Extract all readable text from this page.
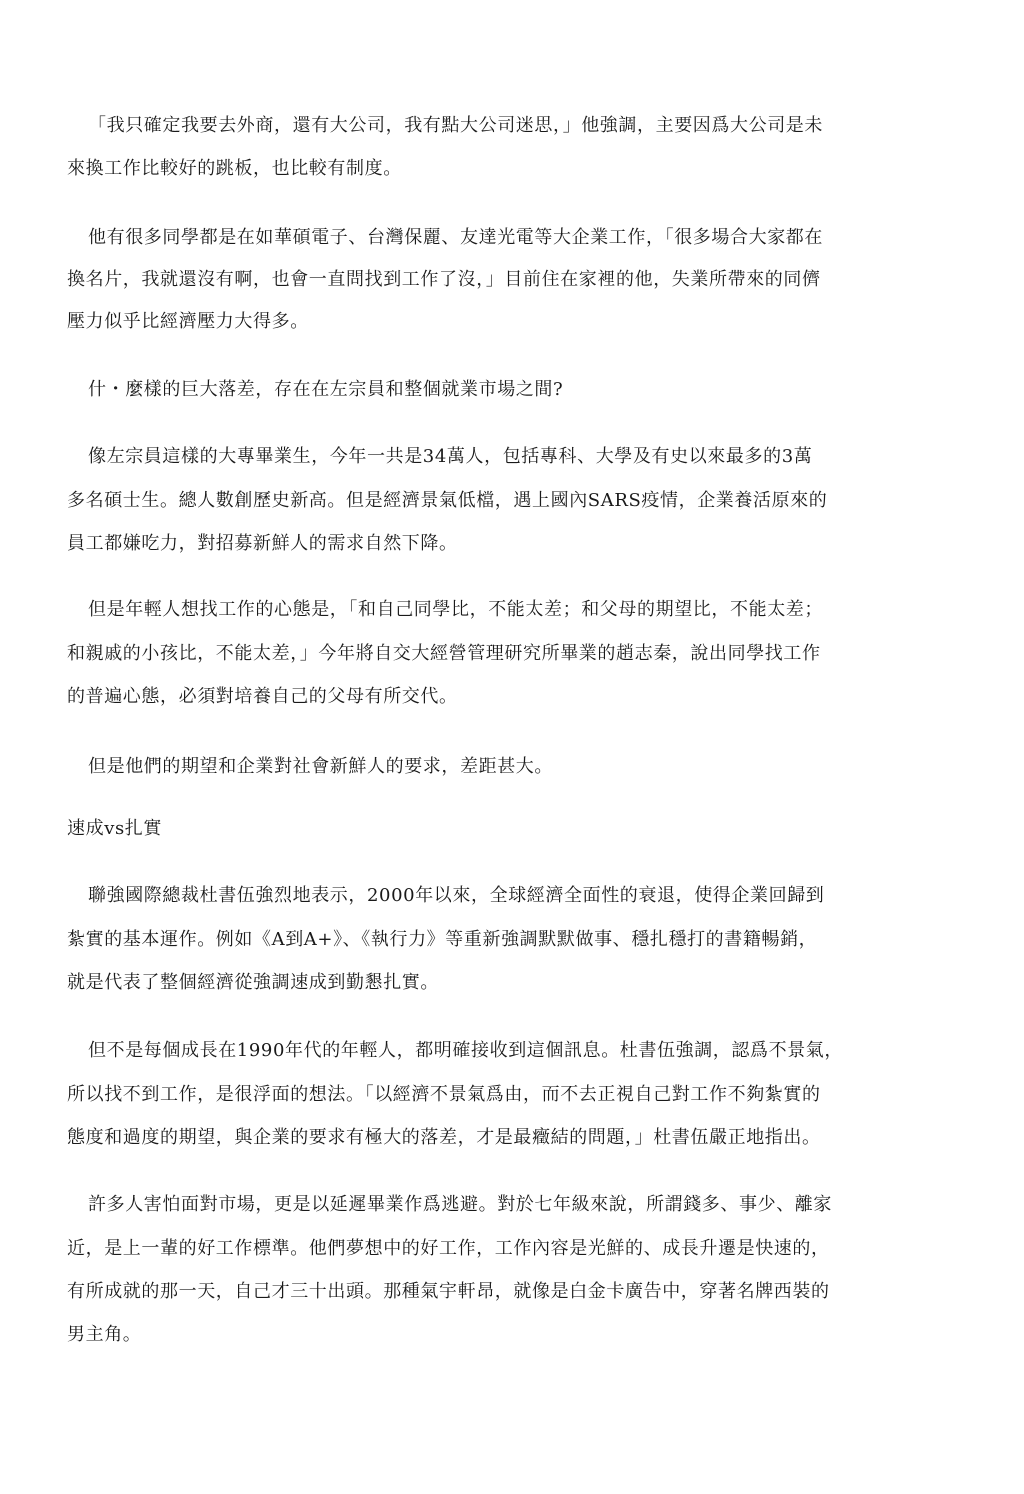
「我只確定我要去外商，還有大公司，我有點大公司迷思，」他強調，主要因爲大公司是未
來換工作比較好的跳板，也比較有制度。
他有很多同學都是在如華碩電子、台灣保麗、友達光電等大企業工作，「很多場合大家都在
換名片，我就還沒有啊，也會一直問找到工作了沒，」目前住在家裡的他，失業所帶來的同儕
壓力似乎比經濟壓力大得多。
什・麼樣的巨大落差，存在在左宗員和整個就業市場之間?
像左宗員這樣的大專畢業生，今年一共是34萬人，包括專科、大學及有史以來最多的3萬
多名碩士生。總人數創歷史新高。但是經濟景氣低檔，遇上國內SARS疫情，企業養活原來的
員工都嫌吃力，對招募新鮮人的需求自然下降。
但是年輕人想找工作的心態是，「和自己同學比，不能太差；和父母的期望比，不能太差；
和親戚的小孩比，不能太差，」今年將自交大經營管理研究所畢業的趙志秦，說出同學找工作
的普遍心態，必須對培養自己的父母有所交代。
但是他們的期望和企業對社會新鮮人的要求，差距甚大。
速成vs扎實
聯強國際總裁杜書伍強烈地表示，2000年以來，全球經濟全面性的衰退，使得企業回歸到
紮實的基本運作。例如《A到A+》、《執行力》等重新強調默默做事、穩扎穩打的書籍暢銷，
就是代表了整個經濟從強調速成到勤懇扎實。
但不是每個成長在1990年代的年輕人，都明確接收到這個訊息。杜書伍強調，認爲不景氣，
所以找不到工作，是很浮面的想法。「以經濟不景氣爲由，而不去正視自己對工作不夠紮實的
態度和過度的期望，與企業的要求有極大的落差，才是最癥結的問題，」杜書伍嚴正地指出。
許多人害怕面對市場，更是以延遲畢業作爲逃避。對於七年級來說，所謂錢多、事少、離家
近，是上一輩的好工作標準。他們夢想中的好工作，工作內容是光鮮的、成長升遷是快速的，
有所成就的那一天，自己才三十出頭。那種氣宇軒昂，就像是白金卡廣告中，穿著名牌西裝的
男主角。
